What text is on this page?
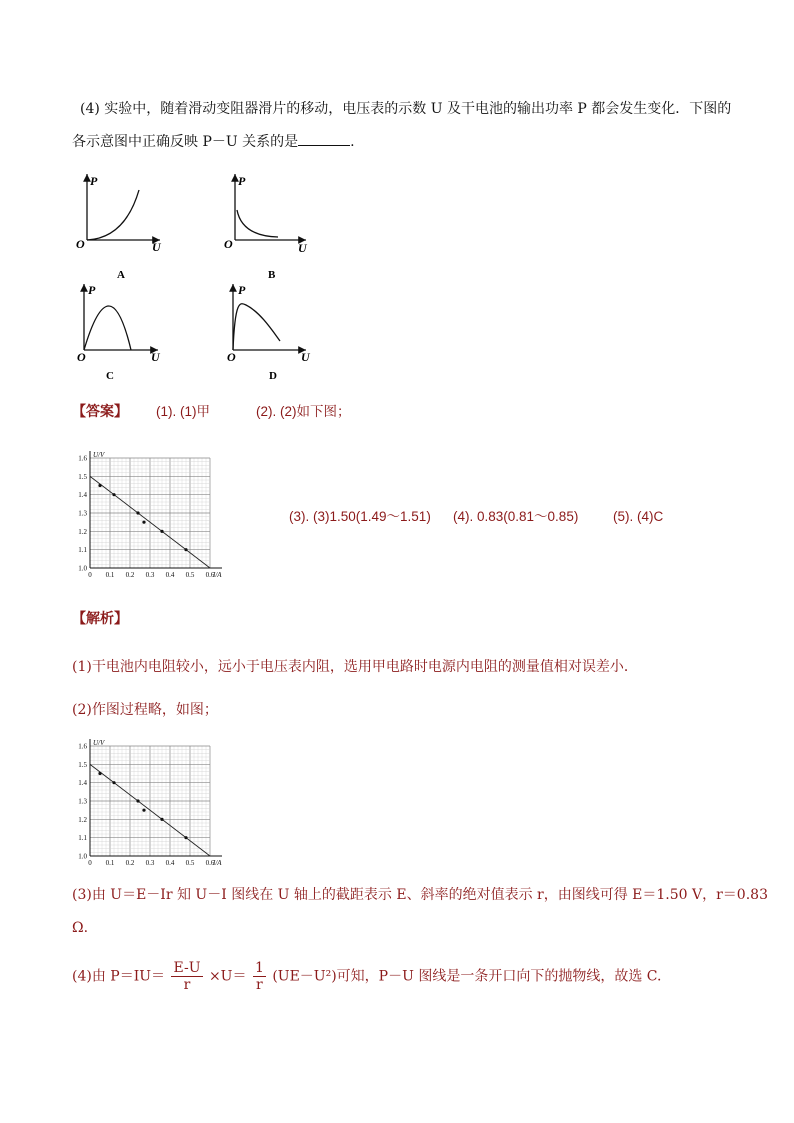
(4) 实验中，随着滑动变阻器滑片的移动，电压表的示数 U 及干电池的输出功率 P 都会发生变化．下图的
各示意图中正确反映 P－U 关系的是	.
P
O	U
A
P
O	U
B
P
O	U
C
P
O	U
D
【答案】 (1). (1)甲	(2). (2)如下图；
1.6
1.5
1.4
1.3
1.2
1.1
1.0
0 0.1 0.2 0.3 0.4 0.5 0.6
U/V
I/A
(3). (3)1.50(1.49～1.51) (4). 0.83(0.81～0.85)	(5). (4)C
【解析】
(1)干电池内电阻较小，远小于电压表内阻，选用甲电路时电源内电阻的测量值相对误差小．
(2)作图过程略，如图；
1.6
1.5
1.4
1.3
1.2
1.1
1.0
0 0.1 0.2 0.3 0.4 0.5 0.6
U/V
I/A
(3)由 U＝E－Ir 知 U－I 图线在 U 轴上的截距表示 E、斜率的绝对值表示 r，由图线可得 E＝1.50 V，r＝0.83
Ω.
(4)由 $P=IU= \frac{E-U}{r} \times U= \frac{1}{r} (UE-U^2)$可知，P－U 图线是一条开口向下的抛物线，故选 C.
